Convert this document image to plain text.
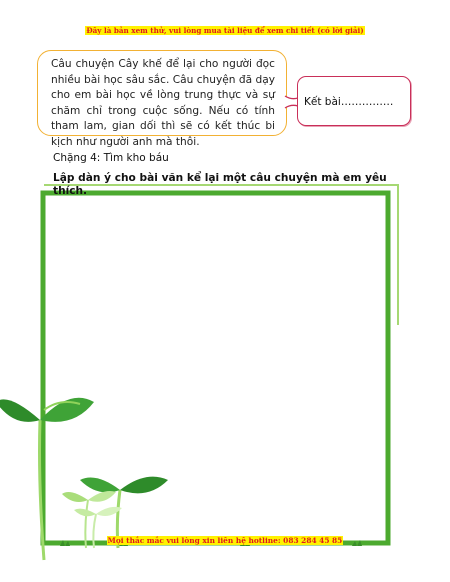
Đây là bản xem thử, vui lòng mua tài liệu để xem chi tiết (có lời giải)
Câu chuyện Cây khế để lại cho người đọc nhiều bài học sâu sắc. Câu chuyện đã dạy cho em bài học về lòng trung thực và sự chăm chỉ trong cuộc sống. Nếu có tính tham lam, gian dối thì sẽ có kết thúc bi kịch như người anh mà thôi.
Kết bài……………
Chặng 4: Tìm kho báu
Lập dàn ý cho bài văn kể lại một câu chuyện mà em yêu thích.
Mọi thắc mắc vui lòng xin liên hệ hotline: 083 284 45 85
